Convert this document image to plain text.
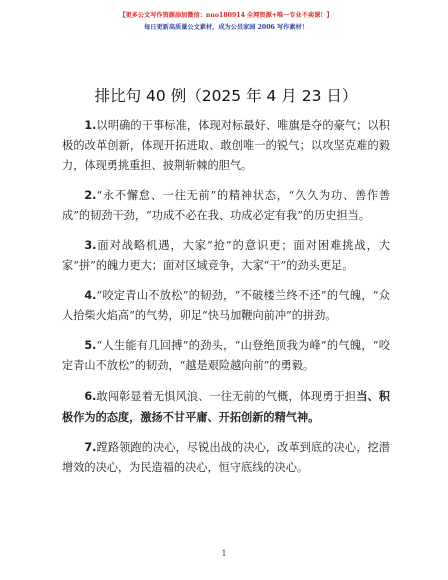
【更多公文写作资源添加微信：nuo180914 全网资源+唯一专业不卖课！】
每日更新高质量公文素材，成为公员家园 2006 写作素材！
排比句 40 例（2025 年 4 月 23 日）

1.以明确的干事标准，体现对标最好、唯旗是夺的豪气；以积极的改革创新，体现开拓进取、敢创唯一的锐气；以攻坚克难的毅力，体现勇挑重担、披荆斩棘的胆气。

2.“永不懈怠、一往无前”的精神状态，“久久为功、善作善成”的韧劲干劲，“功成不必在我、功成必定有我”的历史担当。

3.面对战略机遇，大家“抢”的意识更；面对困难挑战，大家“拼”的魄力更大；面对区域竞争，大家“干”的劲头更足。

4.“咬定青山不放松”的韧劲，“不破楼兰终不还”的气魄，“众人拾柴火焰高”的气势，卯足“快马加鞭向前冲”的拼劲。

5.“人生能有几回搏”的劲头，“山登绝顶我为峰”的气魄，“咬定青山不放松”的韧劲，“越是艰险越向前”的勇毅。

6.敢闯彰显着无惧风浪、一往无前的气概，体现勇于担当、积极作为的态度，激扬不甘平庸、开拓创新的精气神。

7.蹚路领跑的决心，尽锐出战的决心，改革到底的决心，挖潜增效的决心，为民造福的决心，恒守底线的决心。

1
